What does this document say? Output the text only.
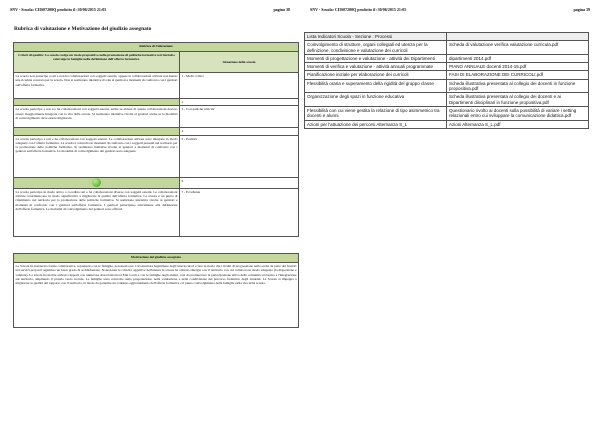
SNV - Scuola: CIIS07200Q prodotto il :30/06/2015 21:05	pagina 38
Rubrica di valutazione e Motivazione del giudizio assegnato
Rubrica di Valutazione	
Criteri di qualità: La scuola svolge un ruolo propositivo nella promozione di politiche formative territoriali e coinvolge le famiglie nella definizione dell'offerta formativa.	Situazione della scuola
La scuola non partecipa a reti e non ha collaborazioni con soggetti esterni, oppure le collaborazioni attivate non hanno una ricaduta concreta per la scuola. Non si realizzano iniziative rivolte ai genitori e momenti di confronto con i genitori sull'offerta formativa.	1 - Molto critica
	2
La scuola partecipa a reti e/o ha collaborazioni con soggetti esterni, anche se alcune di queste collaborazioni devono essere maggiormente integrate con la vita della scuola. Si realizzano iniziative rivolte ai genitori anche se la modalità di coinvolgimento deve essere migliorata.	3 - Con qualche criticita'
	4
La scuola partecipa a reti e ha collaborazioni con soggetti esterni. Le collaborazioni attivate sono integrate in modo adeguato con l'offerta formativa. La scuola è coinvolta in momenti di confronto con i soggetti presenti nel territorio per la promozione delle politiche formative. Si realizzano iniziative rivolte ai genitori e momenti di confronto con i genitori sull'offerta formativa. Le modalità di coinvolgimento dei genitori sono adeguate.	5 - Positiva
	6
La scuola partecipa in modo attivo o coordina reti e ha collaborazioni diverse con soggetti esterni. Le collaborazioni attivate contribuiscono in modo significativo a migliorare la qualità dell'offerta formativa. La scuola è un punto di riferimento nel territorio per la promozione delle politiche formative. Si realizzano iniziative rivolte ai genitori e momenti di confronto con i genitori sull'offerta formativa. I genitori partecipano attivamente alla definizione dell'offerta formativa. Le modalità di coinvolgimento dei genitori sono efficaci.	7 - Eccellente
Motivazione del giudizio assegnato
La Scuola ha instaurato forme collaborative, soprattutto con le famiglie, necessaria per i ricostruttore legittimare degli interlocutori e fare in modo che i livelli di progressione nella scelta da parte dei fruitori nei servizi proposti registrino un buon grado di soddisfazione. Nonostante le criticità oggettive dell'utenza la scuola ha attivato sinergie con il territorio con cui collabora in modo adeguato (la dispersione e valutata). La scuola ha inoltre attivato rapporti con numerose Associazioni ed Enti locali e con le famiglie degli alunni, così da promuovere la partecipazione attiva della comunità scolastica e l'integrazione sul territorio, ampliando il proprio ruolo sociale. Le famiglie sono coinvolte nella progettazione, nella valutazione e nella condivisione del percorso formativo degli studenti. La Scuola si impegna a migliorare la qualità del rapporto con il territorio, in modo da garantire un continuo aggiornamento dell'offerta formativa e il pieno coinvolgimento delle famiglie nella vita della scuola.
SNV - Scuola: CIIS07200Q prodotto il :30/06/2015 21:05	pagina 39
Lista Indicatori Scuola - Sezione : Processi	
Coinvolgimento di strutture, organi collegiali ed utenza per la definizione, condivisione e valutazione dei curricoli	Scheda di valutazione verifica valutazione curricula.pdf
Momenti di progettazione e valutazione - attività dei Dipartimenti	dipartimenti 2014.pdf
Momenti di verifica e valutazione - attività annuali programmate	PIANO ANNUALE docenti 2014-15.pdf
Pianificazione iniziale per elaborazione dei curricoli	FASI DI ELABORAZIONE DEI CURRICOLI.pdf
Flessibilità oraria e superamento della rigidità del gruppo classe	Scheda illustrativa presentata al collegio dei docenti in funzione propositiva.pdf
Organizzazione degli spazi in funzione educativa	Scheda illustrativa presentata al collegio dei docenti e ai Dipartimenti disciplinari in funzione propositiva.pdf
Flessibilità con cui viene gestita la relazione di tipo asimmetrico tra docenti e alunni	Questionario rivolto ai docenti sulla possibilità di variare i setting relazionali entro cui sviluppare la comunicazione didattica.pdf
Azioni per l'attuazione dei percorsi Alternanza S_L	Azioni Alternanza S_L.pdf
